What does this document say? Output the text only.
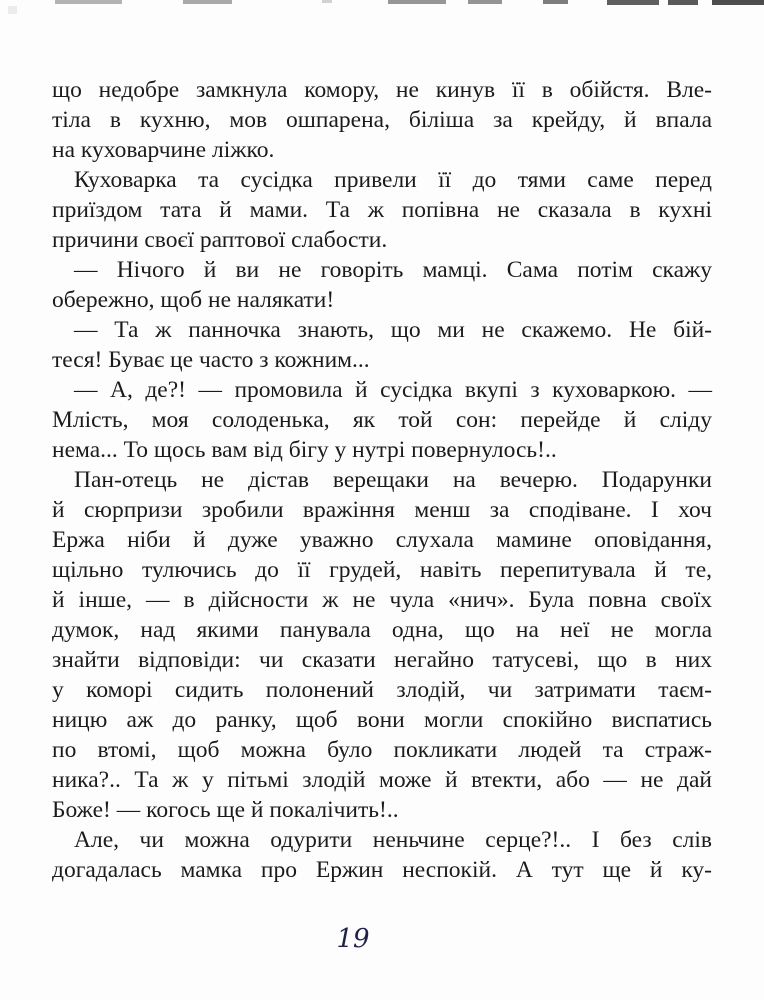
що недобре замкнула комору, не кинув її в обійстя. Вле-
тіла в кухню, мов ошпарена, біліша за крейду, й впала
на куховарчине ліжко.
Куховарка та сусідка привели її до тями саме перед
приїздом тата й мами. Та ж попівна не сказала в кухні
причини своєї раптової слабости.
— Нічого й ви не говоріть мамці. Сама потім скажу
обережно, щоб не налякати!
— Та ж панночка знають, що ми не скажемо. Не бій-
теся! Буває це часто з кожним...
— А, де?! — промовила й сусідка вкупі з куховаркою. —
Млість, моя солоденька, як той сон: перейде й сліду
нема... То щось вам від бігу у нутрі повернулось!..
Пан-отець не дістав верещаки на вечерю. Подарунки
й сюрпризи зробили вражіння менш за сподіване. І хоч
Ержа ніби й дуже уважно слухала мамине оповідання,
щільно тулючись до її грудей, навіть перепитувала й те,
й інше, — в дійсности ж не чула «нич». Була повна своїх
думок, над якими панувала одна, що на неї не могла
знайти відповіди: чи сказати негайно татусеві, що в них
у коморі сидить полонений злодій, чи затримати таєм-
ницю аж до ранку, щоб вони могли спокійно виспатись
по втомі, щоб можна було покликати людей та страж-
ника?.. Та ж у пітьмі злодій може й втекти, або — не дай
Боже! — когось ще й покалічить!..
Але, чи можна одурити неньчине серце?!.. І без слів
догадалась мамка про Ержин неспокій. А тут ще й ку-
19
